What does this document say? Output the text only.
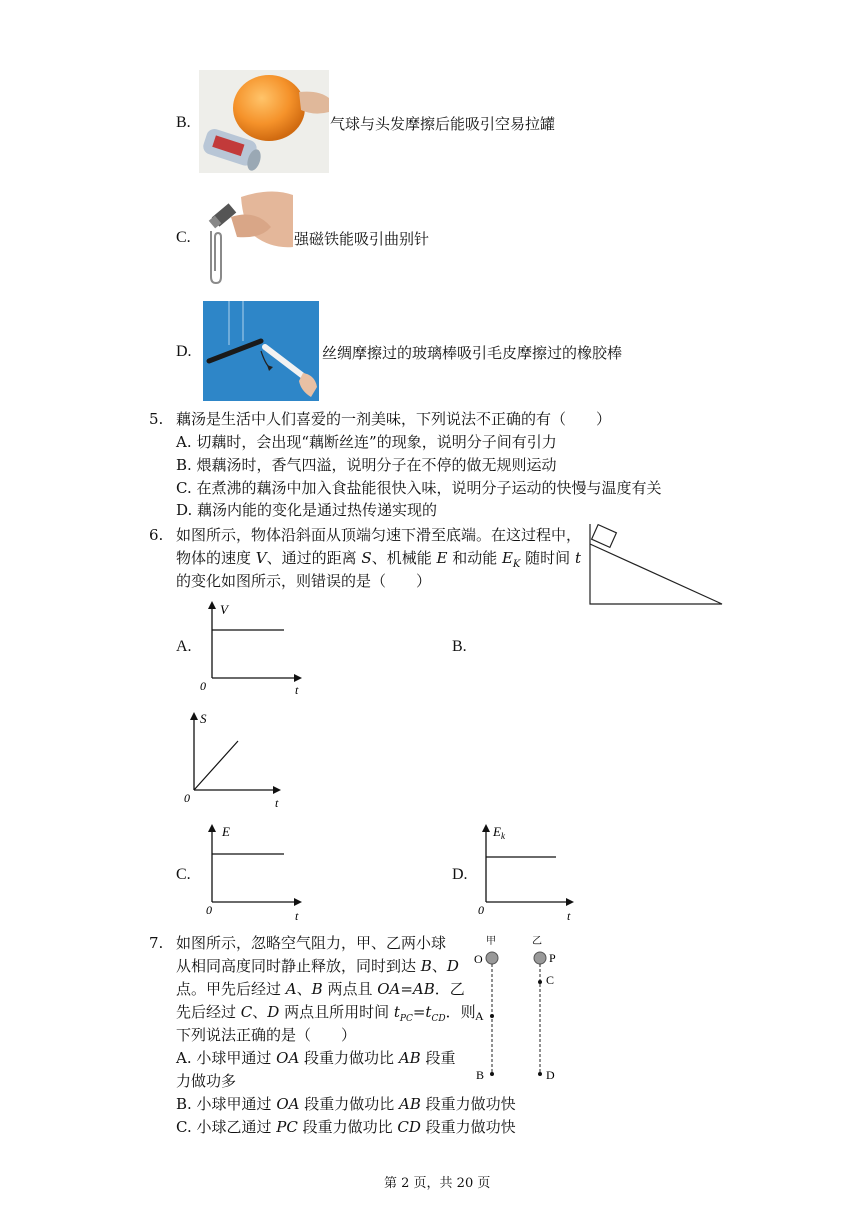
B.	气球与头发摩擦后能吸引空易拉罐
C.	强磁铁能吸引曲别针
D.	丝绸摩擦过的玻璃棒吸引毛皮摩擦过的橡胶棒
5. 藕汤是生活中人们喜爱的一剂美味，下列说法不正确的有（　　）
A. 切藕时，会出现“藕断丝连”的现象，说明分子间有引力
B. 煨藕汤时，香气四溢，说明分子在不停的做无规则运动
C. 在煮沸的藕汤中加入食盐能很快入味，说明分子运动的快慢与温度有关
D. 藕汤内能的变化是通过热传递实现的
6. 如图所示，物体沿斜面从顶端匀速下滑至底端。在这过程中，
物体的速度 V、通过的距离 S、机械能 E 和动能 $E_K$ 随时间 t
的变化如图所示，则错误的是（　　）
A.
V
0	t
B.
S
0	t
C.
E
0	t
D.
$E_k$
0	t
7. 如图所示，忽略空气阻力，甲、乙两小球
从相同高度同时静止释放，同时到达 B、D
点。甲先后经过 A、B 两点且 OA=AB．乙
先后经过 C、D 两点且所用时间 $t_{PC}=t_{CD}$．则
下列说法正确的是（　　）
A. 小球甲通过 OA 段重力做功比 AB 段重
力做功多
B. 小球甲通过 OA 段重力做功比 AB 段重力做功快
C. 小球乙通过 PC 段重力做功比 CD 段重力做功快
甲	乙
O	P
C
A
B	D
第 2 页，共 20 页
